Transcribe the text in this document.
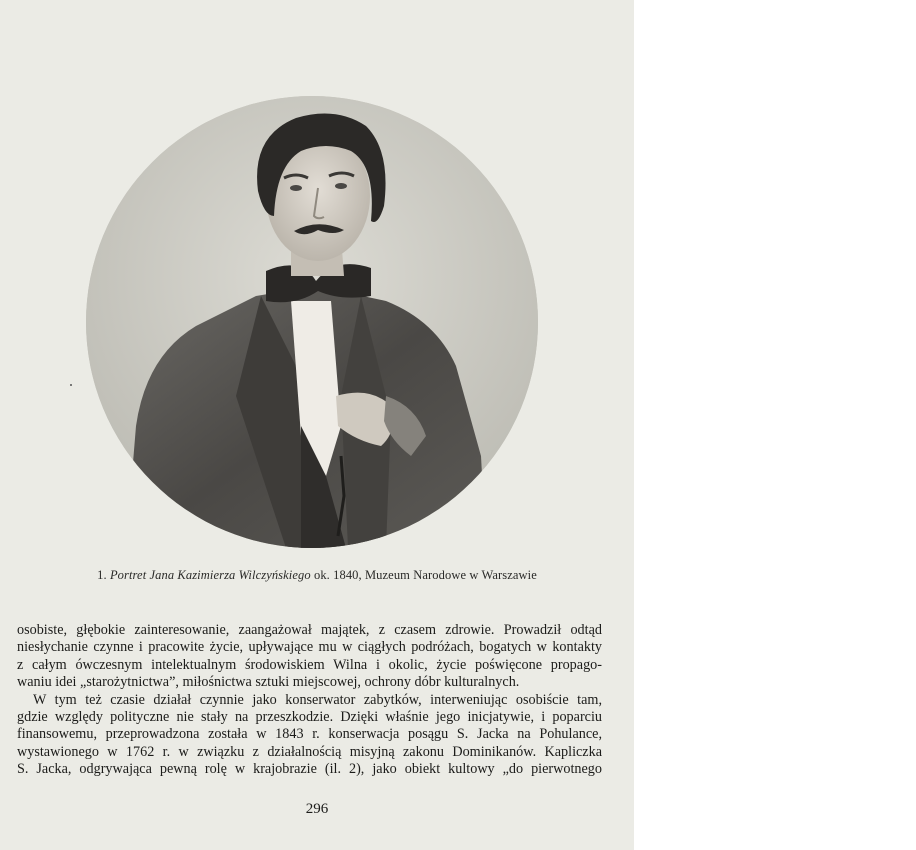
1. Portret Jana Kazimierza Wilczyńskiego ok. 1840, Muzeum Narodowe w Warszawie
osobiste, głębokie zainteresowanie, zaangażował majątek, z czasem zdrowie. Prowadził odtąd
niesłychanie czynne i pracowite życie, upływające mu w ciągłych podróżach, bogatych w kontakty
z całym ówczesnym intelektualnym środowiskiem Wilna i okolic, życie poświęcone propago-
waniu idei „starożytnictwa”, miłośnictwa sztuki miejscowej, ochrony dóbr kulturalnych.
W tym też czasie działał czynnie jako konserwator zabytków, interweniując osobiście tam,
gdzie względy polityczne nie stały na przeszkodzie. Dzięki właśnie jego inicjatywie, i poparciu
finansowemu, przeprowadzona została w 1843 r. konserwacja posągu S. Jacka na Pohulance,
wystawionego w 1762 r. w związku z działalnością misyjną zakonu Dominikanów. Kapliczka
S. Jacka, odgrywająca pewną rolę w krajobrazie (il. 2), jako obiekt kultowy „do pierwotnego
296
